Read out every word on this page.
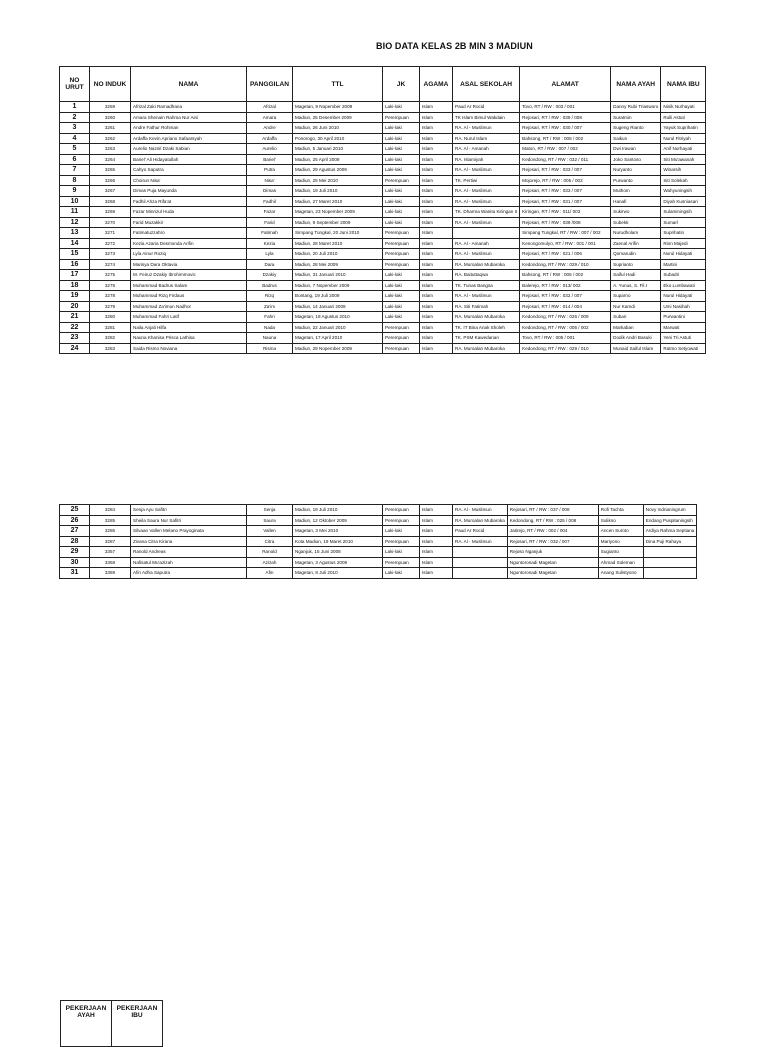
BIO DATA KELAS 2B MIN 3 MADIUN
NO URUT	NO INDUK	NAMA	PANGGILAN	TTL	JK	AGAMA	ASAL SEKOLAH	ALAMAT	NAMA AYAH	NAMA IBU
1	3259	Afrizal Zaki Ramadhana	Afrizal	Magetan, 9 Nopember 2009	Laki-laki	Islam	Paud Ar Rocid	Tovo, RT / RW : 003 / 001	Danny Rubi Triasworo	Ninik Nurhayati
2	3260	Amara Shenain Rahma Nur Aini	Amara	Madiun, 25 Desember 2009	Perempuan	Islam	TK Islam Bimul Wakdain	Rejosari, RT / RW : 039 / 008	Suratmin	Rulli Astuti
3	3261	Andre Fathur Rohman	Andre	Madiun, 26 Juni 2010	Laki-laki	Islam	RA. Al - Muslimun	Rejosari, RT / RW : 030 / 007	Sugeng Rianto	Yayuk Suprihatin
4	3262	Ardaffa Kevin Apriano Safaarsyah	Ardaffa	Ponorogo, 30 April 2010	Laki-laki	Islam	RA. Nurul Islam	Bahsong, RT / RW : 008 / 002	Saikun	Nurul Fitriyah
5	3263	Aurelio Naznil Dzaki Sabian	Aurelio	Madiun, 5 Januari 2010	Laki-laki	Islam	RA. Al - Amanah	Maton, RT / RW : 007 / 002	Dwi Irawan	Anif Nurhayati
6	3264	Bariel' Ali Hidayatullah	Bariel'	Madiun, 25 April 2009	Laki-laki	Islam	RA. Islamiyah	Kedondong, RT / RW : 032 / 011	Joko Santoso	Siti Mu'awanah
7	3265	Cahyo Saputra	Putra	Madiun, 29 Agustus 2009	Laki-laki	Islam	RA. Al - Muslimun	Rejosari, RT / RW : 033 / 007	Nuryanto	Winarsih
8	3266	Choirun Nisa'	Nisa'	Madiun, 25 Mei 2010	Perempuan	Islam	TK. Pertiwi	Mojorejo, RT / RW : 005 / 002	Purwanto	Siti Solekah
9	3267	Dimas Puja Mayunda	Dimas	Madiun, 19 Juli 2010	Laki-laki	Islam	RA. Al - Muslimun	Rejosari, RT / RW : 033 / 007	Muthom	Wahyuningsih
10	3268	Fadhil Ahza Rifa'at	Fadhil	Madiun, 27 Maret 2010	Laki-laki	Islam	RA. Al - Muslimun	Rejosari, RT / RW : 031 / 007	Hanafi	Diyah Kusniasari
11	3269	Fazar Minrizul Huda	Fazar	Magetan, 23 Nopember 2009	Laki-laki	Islam	TK. Dharma Wanita Kiringan II	Kiringan, RT / RW : 011/ 003	Sukirwo	Sulaminingsih
12	3270	Farid Muzakkir	Farid	Madiun, 9 September 2009	Laki-laki	Islam	RA. Al - Muslimun	Rejosari, RT / RW : 039 /008	Subekti	Sumarl
13	3271	Fatimatuzzahro	Fatimah	Simpang Tungkal, 20 Juni 2010	Perempuan	Islam		Simpang Tungkal, RT / RW : 007 / 002	Nurudholam	Suprihatin
14	3272	Kezia Azaria Desmonda Arifin	Kezia	Madiun, 28 Maret 2010	Perempuan	Islam	RA. Al - Amanah	Kenongomulyo, RT / RW : 001 / 001	Zaenal Arifin	Rinn Majedi
15	3273	Lyla Ainur Roziq	Lyla	Madiun, 20 Juli 2010	Perempuan	Islam	RA. Al - Muslimun	Rejosari, RT / RW : 021 / 006	Qomarudin	Nurul Hidayati
16	3274	Marisya Dara Oktavia	Dara	Madiun, 28 Mei 2009	Perempuan	Islam	RA. Muroalan Mubaroka	Kedondong, RT / RW : 029 / 010	Suprianto	Martini
17	3275	M. Feiruz Dzakiy Ibrohimmovic	Dzakiy	Madiun, 31 Januari 2010	Laki-laki	Islam	RA. Baituttaqwa	Bahsong, RT / RW : 006 / 002	Saiful Hadi	Subadri
18	3276	Muhammad Badrus Salam	Badrus	Madiun, 7 Nopember 2009	Laki-laki	Islam	TK. Tunas Bangsa	Balerejo, RT / RW : 013/ 002	A. Yunus, S. Fil.I	Eko Lumbawati
19	3278	Muhammad Rizq Firdaus	Rizq	Bontang, 19 Juli 2009	Laki-laki	Islam	RA. Al - Muslimun	Rejosari, RT / RW : 032 / 007	Suparno	Nurul Hidayati
20	3279	Muhammad Za'imun Nadhor	Za'im	Madiun, 14 Januari 2009	Laki-laki	Islam	RA. Siti Fatimah	Rejosari, RT / RW : 014 / 004	Nur Kamdi	Umi Nasihah
21	3280	Muhammad Fahri Latif	Fahri	Magetan, 18 Agustus 2010	Laki-laki	Islam	RA. Muroalan Mubaroka	Kedondong, RT / RW : 026 / 009	Subari	Purwantini
22	3281	Naila Anjali Hilfa	Nada	Madiun, 22 Januari 2010	Perempuan	Islam	TK. IT Bina Anak Sholeh	Kedondong, RT / RW : 005 / 002	Markaban	Marwati
23	3282	Nauna Khanisa Prisca Lathisa	Nauna	Magetan, 17 April 2010	Perempuan	Islam	TK. PSM Kawedanan	Tovo, RT / RW : 005 / 001	Dodik Andri Basuki	Yeni Tri Astuti
24	3283	Saida Rismo Noviana	Risma	Madiun, 29 Nopember 2009	Perempuan	Islam	RA. Muroalan Mubaroka	Kedondong, RT / RW : 029 / 010	Munaid Saiful Islam	Ratmo Setyowati
25	3284	Senja Ayu Safitri	Senja	Madiun, 19 Juli 2010	Perempuan	Islam	RA. Al - Muslimun	Rejosari, RT / RW : 037 / 008	Rofi Tachta	Novy Indrianingrum
26	3285	Sheila Saura Nur Safitri	Saura	Madiun, 12 Oktober 2009	Perempuan	Islam	RA. Muroalan Mubaroka	Kedondong, RT / RW : 025 / 008	Sulikno	Endang Puspitaningsih
27	3286	Silvaan Vallen Melano Prayoginata	Vallen	Magetan, 3 Mei 2010	Laki-laki	Islam	Paud Ar Rocid	Jatirejo, RT / RW : 002 / 004	Ancen Suroto	Ardiya Rahma Septiana
28	3287	Zivana Citra Kirana	Citra	Kota Madiun, 19 Maret 2010	Perempuan	Islam	RA. Al - Muslimun	Rejosari, RT / RW : 032 / 007	Mariyono	Dina Puji Rahayu
29	3357	Ranold Andreas	Ranold	Nganjuk, 15 Juni 2008	Laki-laki	Islam		Rejoso Nganjuk	Sugianto	
30	3358	Nafisatul Mu'azizah	Azizah	Magetan, 3 Agustus 2009	Perempuan	Islam		Nguntoronadi Magetan	Ahmad Soleman	
31	3359	Afin Adha Saputra	Afin	Magetan, 8 Juli 2010	Laki-laki	Islam		Nguntoronadi Magetan	Anang Sulistyono	
PEKERJAAN AYAH	PEKERJAAN IBU
